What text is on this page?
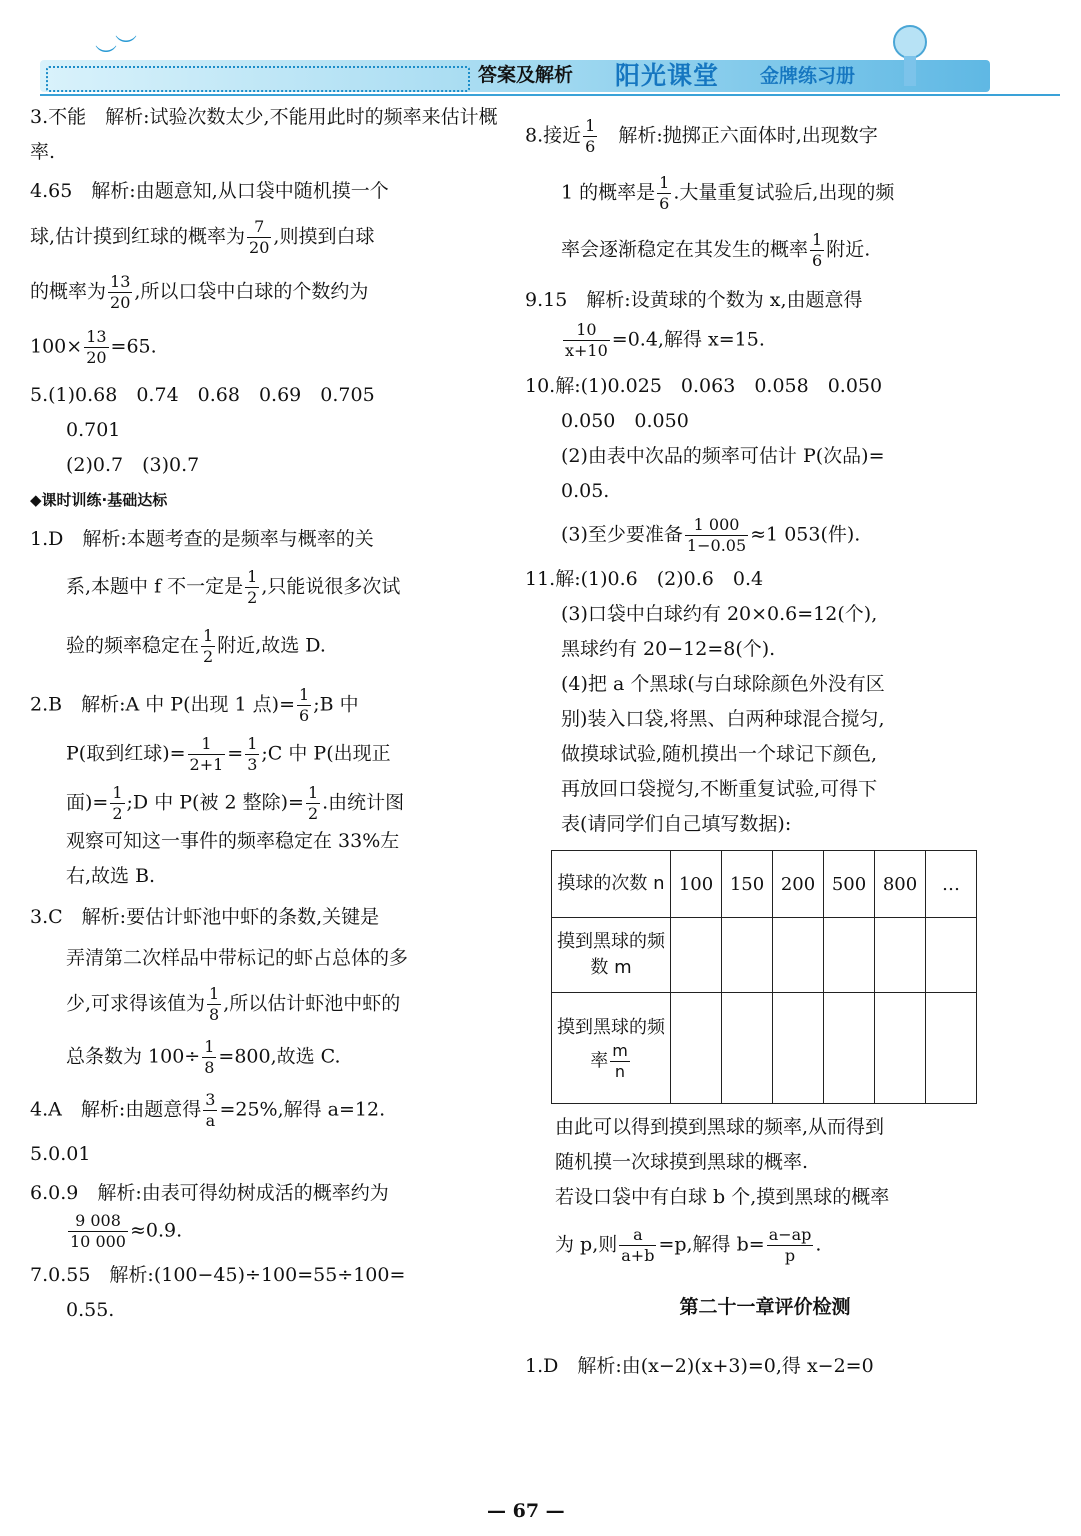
︶
︶
答案及解析 阳光课堂 金牌练习册

3.不能　解析:试验次数太少,不能用此时的频率来估计概率.

4.65　解析:由题意知,从口袋中随机摸一个

球,估计摸到红球的概率为 $\frac{7}{20}$ ,则摸到白球

的概率为 $\frac{13}{20}$ ,所以口袋中白球的个数约为

$100\times \frac{13}{20} =65$.

5.(1)0.68　0.74　0.68　0.69　0.705

0.701

(2)0.7　(3)0.7

◆课时训练·基础达标

1.D　解析:本题考查的是频率与概率的关

系,本题中 f 不一定是 $\frac{1}{2}$ ,只能说很多次试

验的频率稳定在 $\frac{1}{2}$ 附近,故选 D.

2.B　解析:A 中 P(出现 1 点)= $\frac{1}{6}$ ;B 中

P(取到红球)= $\frac{1}{2+1} = \frac{1}{3}$ ;C 中 P(出现正

面)= $\frac{1}{2}$ ;D 中 P(被 2 整除)= $\frac{1}{2}$ .由统计图

观察可知这一事件的频率稳定在 33%左

右,故选 B.

3.C　解析:要估计虾池中虾的条数,关键是

弄清第二次样品中带标记的虾占总体的多

少,可求得该值为 $\frac{1}{8}$ ,所以估计虾池中虾的

总条数为 $100\div \frac{1}{8} =800$,故选 C.

4.A　解析:由题意得 $\frac{3}{a} =25\%$,解得 a=12.

5.0.01

6.0.9　解析:由表可得幼树成活的概率约为

$\frac{9 008}{10 000} \approx 0.9$.

7.0.55　解析:(100−45)÷100=55÷100=

0.55.

8.接近 $\frac{1}{6}$ 　解析:抛掷正六面体时,出现数字

1 的概率是 $\frac{1}{6}$ .大量重复试验后,出现的频

率会逐渐稳定在其发生的概率 $\frac{1}{6}$ 附近.

9.15　解析:设黄球的个数为 x,由题意得

$\frac{10}{x+10} =0.4$,解得 x=15.

10.解:(1)0.025　0.063　0.058　0.050

0.050　0.050

(2)由表中次品的频率可估计 P(次品)=

0.05.

(3)至少要准备 $\frac{1 000}{1-0.05} \approx 1$ 053(件).

11.解:(1)0.6　(2)0.6　0.4

(3)口袋中白球约有 20×0.6=12(个),

黑球约有 20−12=8(个).

(4)把 a 个黑球(与白球除颜色外没有区

别)装入口袋,将黑、白两种球混合搅匀,

做摸球试验,随机摸出一个球记下颜色,

再放回口袋搅匀,不断重复试验,可得下

表(请同学们自己填写数据):

摸球的次数 n	100	150	200	500	800	…
摸到黑球的频数 m						
摸到黑球的频率 $\frac{m}{n}$

由此可以得到摸到黑球的频率,从而得到

随机摸一次球摸到黑球的概率.

若设口袋中有白球 b 个,摸到黑球的概率

为 p,则 $\frac{a}{a+b} =p$,解得 $b= \frac{a-ap}{p}$ .

第二十一章评价检测

1.D　解析:由(x−2)(x+3)=0,得 x−2=0

— 67 —
